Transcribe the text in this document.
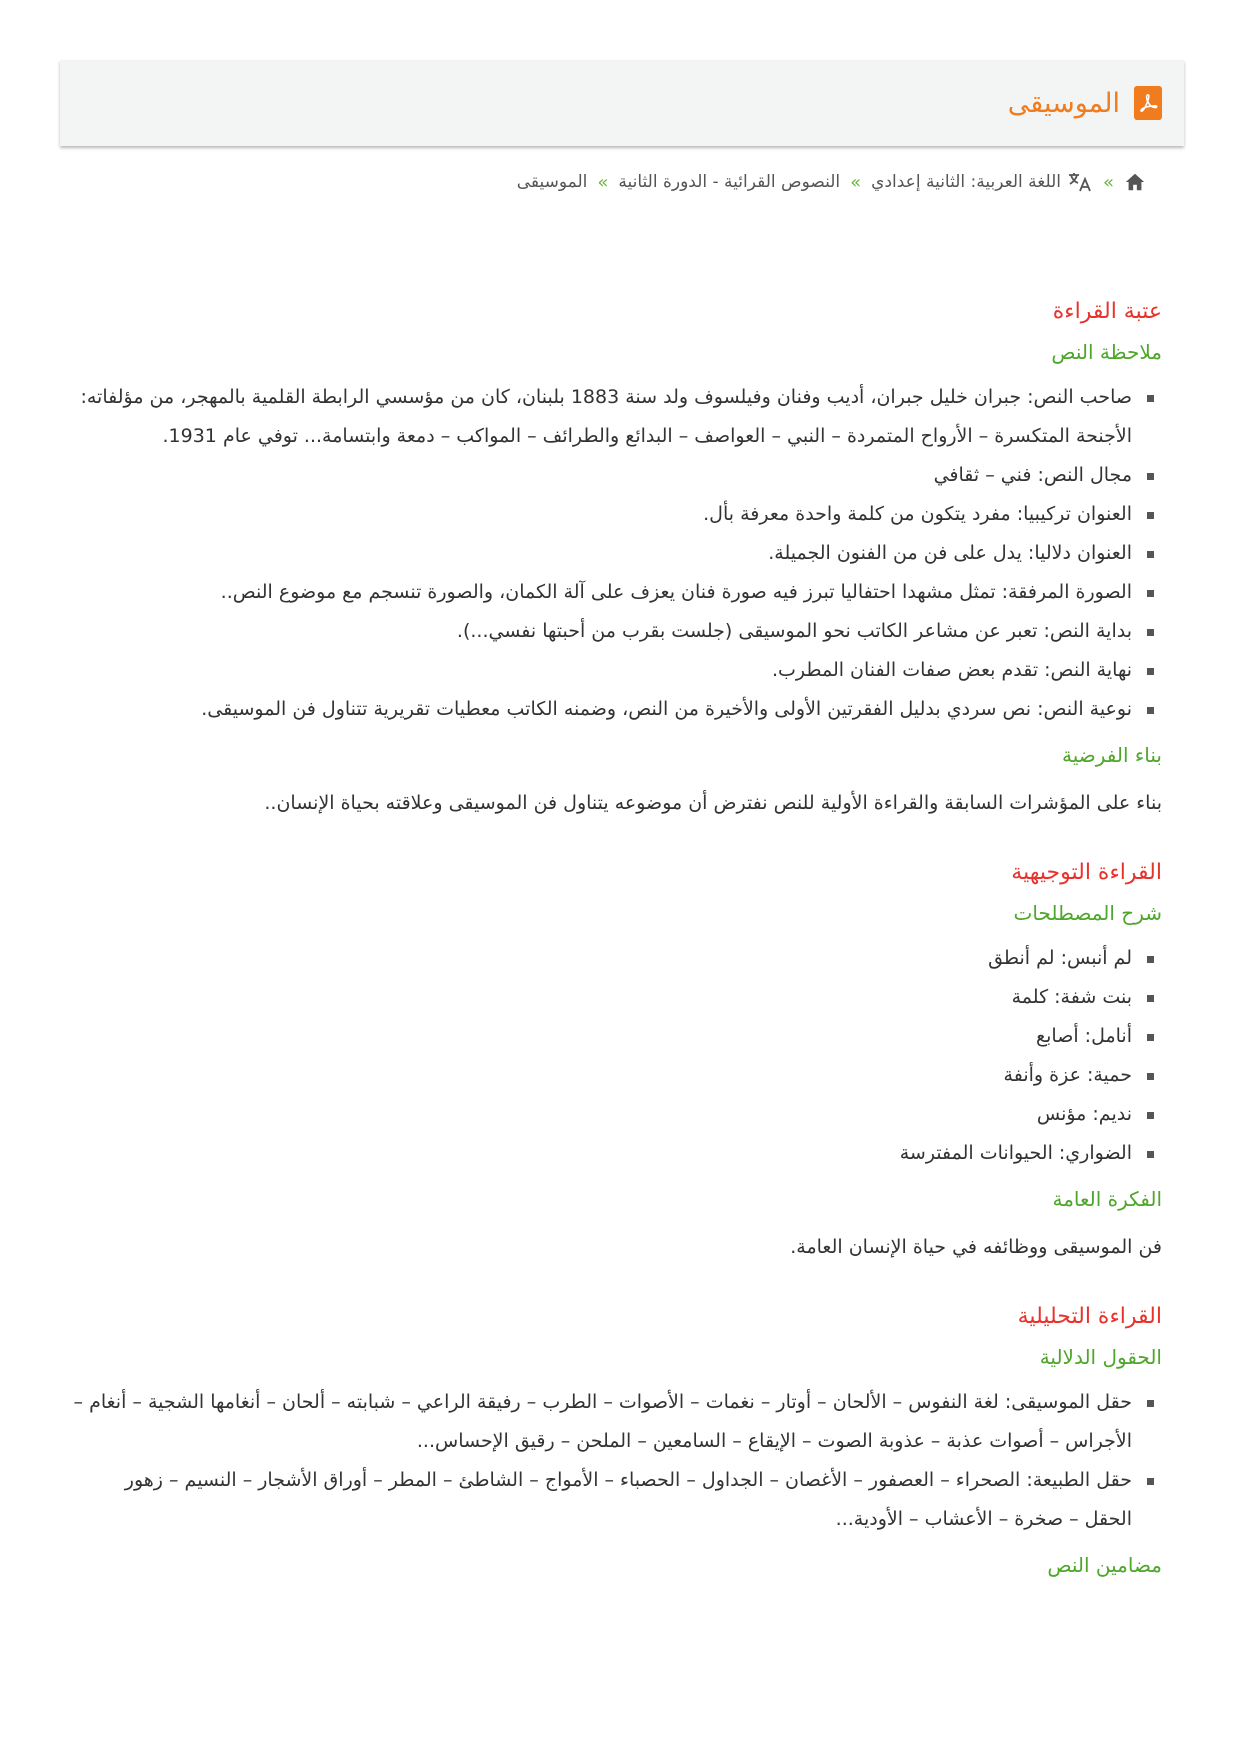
الموسيقى
»
اللغة العربية: الثانية إعدادي
»
النصوص القرائية - الدورة الثانية
»
الموسيقى
عتبة القراءة
ملاحظة النص
صاحب النص: جبران خليل جبران، أديب وفنان وفيلسوف ولد سنة 1883 بلبنان، كان من مؤسسي الرابطة القلمية بالمهجر، من مؤلفاته: الأجنحة المتكسرة – الأرواح المتمردة – النبي – العواصف – البدائع والطرائف – المواكب – دمعة وابتسامة... توفي عام 1931.
مجال النص: فني – ثقافي
العنوان تركيبيا: مفرد يتكون من كلمة واحدة معرفة بأل.
العنوان دلاليا: يدل على فن من الفنون الجميلة.
الصورة المرفقة: تمثل مشهدا احتفاليا تبرز فيه صورة فنان يعزف على آلة الكمان، والصورة تنسجم مع موضوع النص..
بداية النص: تعبر عن مشاعر الكاتب نحو الموسيقى (جلست بقرب من أحبتها نفسي...).
نهاية النص: تقدم بعض صفات الفنان المطرب.
نوعية النص: نص سردي بدليل الفقرتين الأولى والأخيرة من النص، وضمنه الكاتب معطيات تقريرية تتناول فن الموسيقى.
بناء الفرضية

بناء على المؤشرات السابقة والقراءة الأولية للنص نفترض أن موضوعه يتناول فن الموسيقى وعلاقته بحياة الإنسان..

القراءة التوجيهية
شرح المصطلحات
لم أنبس: لم أنطق
بنت شفة: كلمة
أنامل: أصابع
حمية: عزة وأنفة
نديم: مؤنس
الضواري: الحيوانات المفترسة
الفكرة العامة

فن الموسيقى ووظائفه في حياة الإنسان العامة.

القراءة التحليلية
الحقول الدلالية
حقل الموسيقى: لغة النفوس – الألحان – أوتار – نغمات – الأصوات – الطرب – رفيقة الراعي – شبابته – ألحان – أنغامها الشجية – أنغام – الأجراس – أصوات عذبة – عذوبة الصوت – الإيقاع – السامعين – الملحن – رقيق الإحساس...
حقل الطبيعة: الصحراء – العصفور – الأغصان – الجداول – الحصباء – الأمواج – الشاطئ – المطر – أوراق الأشجار – النسيم – زهور الحقل – صخرة – الأعشاب – الأودية...
مضامين النص
